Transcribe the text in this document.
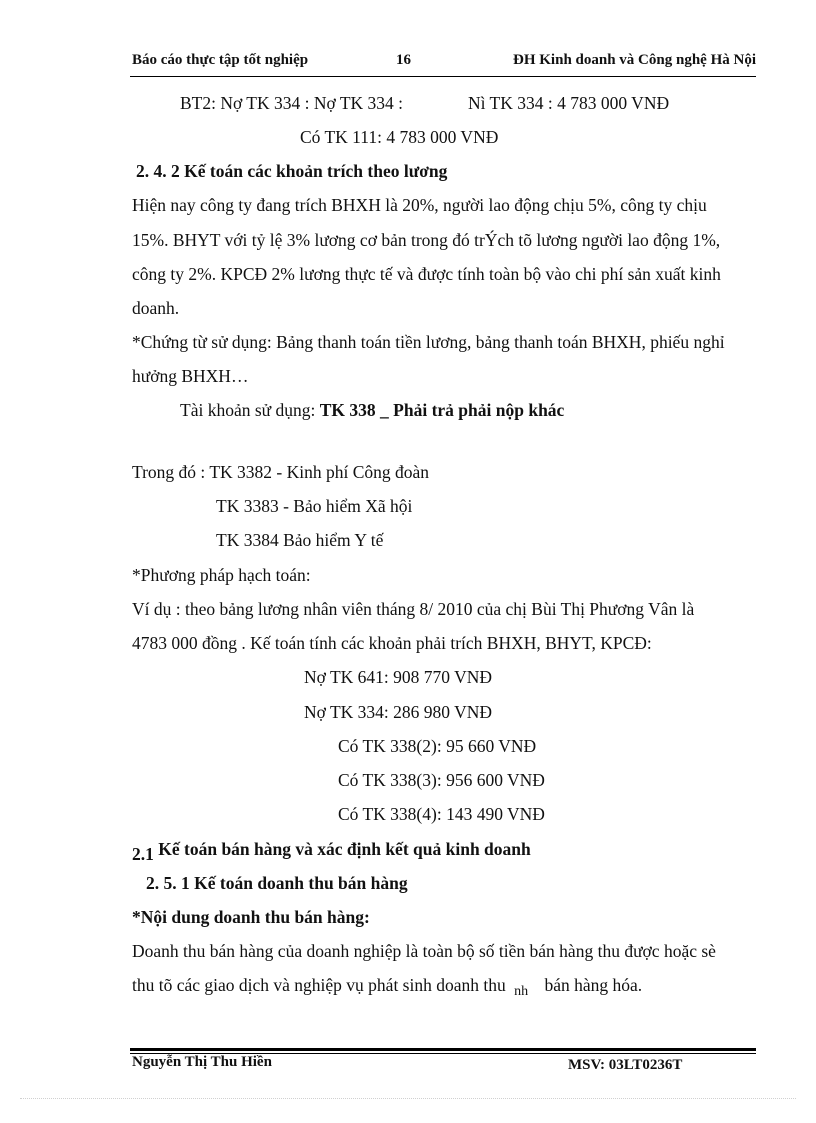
Báo cáo thực tập tốt nghiệp	16	ĐH Kinh doanh và Công nghệ Hà Nội
BT2: Nợ TK 334 : Nợ TK 334 :	Nì TK 334 : 4 783 000 VNĐ
Có TK 111: 4 783 000 VNĐ
2. 4. 2 Kế toán các khoản trích theo lương
Hiện nay công ty đang trích BHXH là 20%, người lao động chịu 5%, công ty chịu
15%. BHYT với tỷ lệ 3% lương cơ bản trong đó trÝch tõ lương người lao động 1%,
công ty 2%. KPCĐ 2% lương thực tế và được tính toàn bộ vào chi phí sản xuất kinh
doanh.
*Chứng từ sử dụng: Bảng thanh toán tiền lương, bảng thanh toán BHXH, phiếu nghỉ
hưởng BHXH…
Tài khoản sử dụng: TK 338 _ Phải trả phải nộp khác
Trong đó : TK 3382 - Kinh phí Công đoàn
TK 3383 - Bảo hiểm Xã hội
TK 3384 Bảo hiểm Y tế
*Phương pháp hạch toán:
Ví dụ : theo bảng lương nhân viên tháng 8/ 2010 của chị Bùi Thị Phương Vân là
4783 000 đồng . Kế toán tính các khoản phải trích BHXH, BHYT, KPCĐ:
Nợ TK 641: 908 770 VNĐ
Nợ TK 334: 286 980 VNĐ
Có TK 338(2): 95 660 VNĐ
Có TK 338(3): 956 600 VNĐ
Có TK 338(4): 143 490 VNĐ
2.1 Kế toán bán hàng và xác định kết quả kinh doanh
2. 5. 1 Kế toán doanh thu bán hàng
*Nội dung doanh thu bán hàng:
Doanh thu bán hàng của doanh nghiệp là toàn bộ số tiền bán hàng thu được hoặc sè
thu tõ các giao dịch và nghiệp vụ phát sinh doanh thu $_{nh}$ bán hàng hóa.
Nguyễn Thị Thu Hiền	MSV: 03LT0236T
